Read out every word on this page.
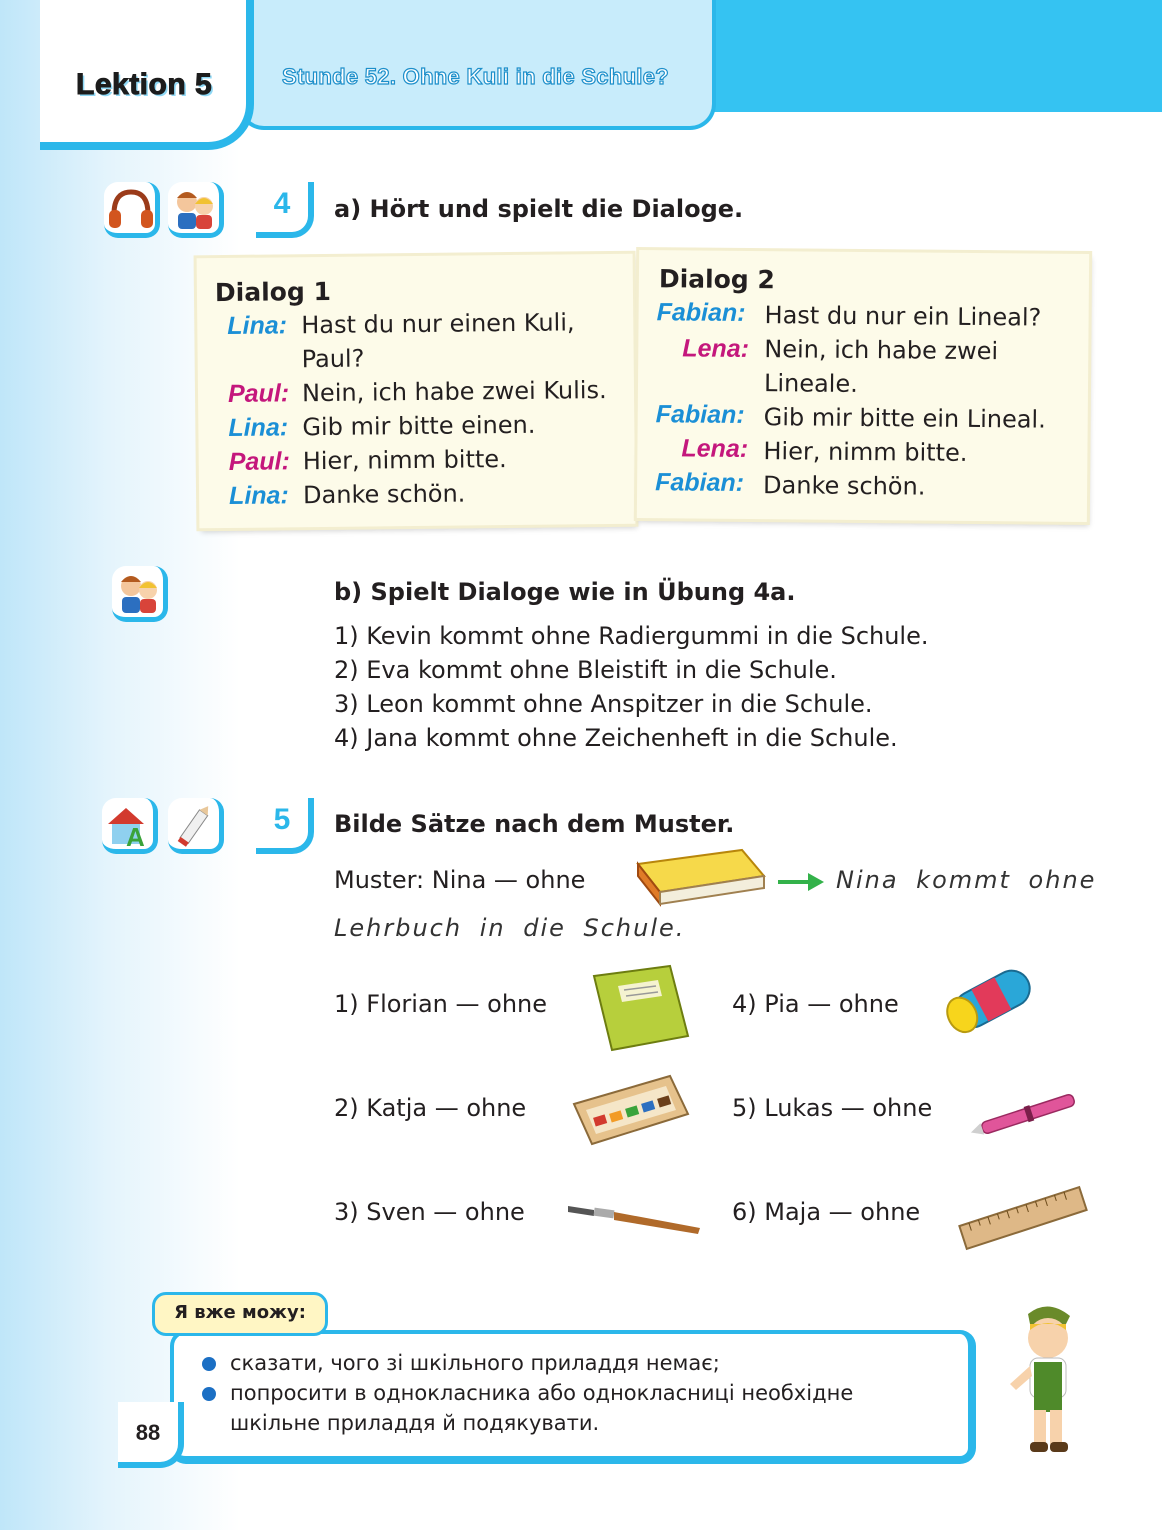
Lektion 5	Stunde 52. Ohne Kuli in die Schule?
4	a) Hört und spielt die Dialoge.
Dialog 1
Lina: Hast du nur einen Kuli,
Paul?
Paul: Nein, ich habe zwei Kulis.
Lina: Gib mir bitte einen.
Paul: Hier, nimm bitte.
Lina: Danke schön.
Dialog 2
Fabian: Hast du nur ein Lineal?
Lena: Nein, ich habe zwei
Lineale.
Fabian: Gib mir bitte ein Lineal.
Lena: Hier, nimm bitte.
Fabian: Danke schön.
b) Spielt Dialoge wie in Übung 4a.
1) Kevin kommt ohne Radiergummi in die Schule.
2) Eva kommt ohne Bleistift in die Schule.
3) Leon kommt ohne Anspitzer in die Schule.
4) Jana kommt ohne Zeichenheft in die Schule.
A
5	Bilde Sätze nach dem Muster.
Muster: Nina — ohne	Nina kommt ohne
Lehrbuch in die Schule.
1) Florian — ohne
2) Katja — ohne
3) Sven — ohne
4) Pia — ohne
5) Lukas — ohne
6) Maja — ohne
Я вже можу:
сказати, чого зі шкільного приладдя немає;
попросити в однокласника або однокласниці необхідне
шкільне приладдя й подякувати.
88
